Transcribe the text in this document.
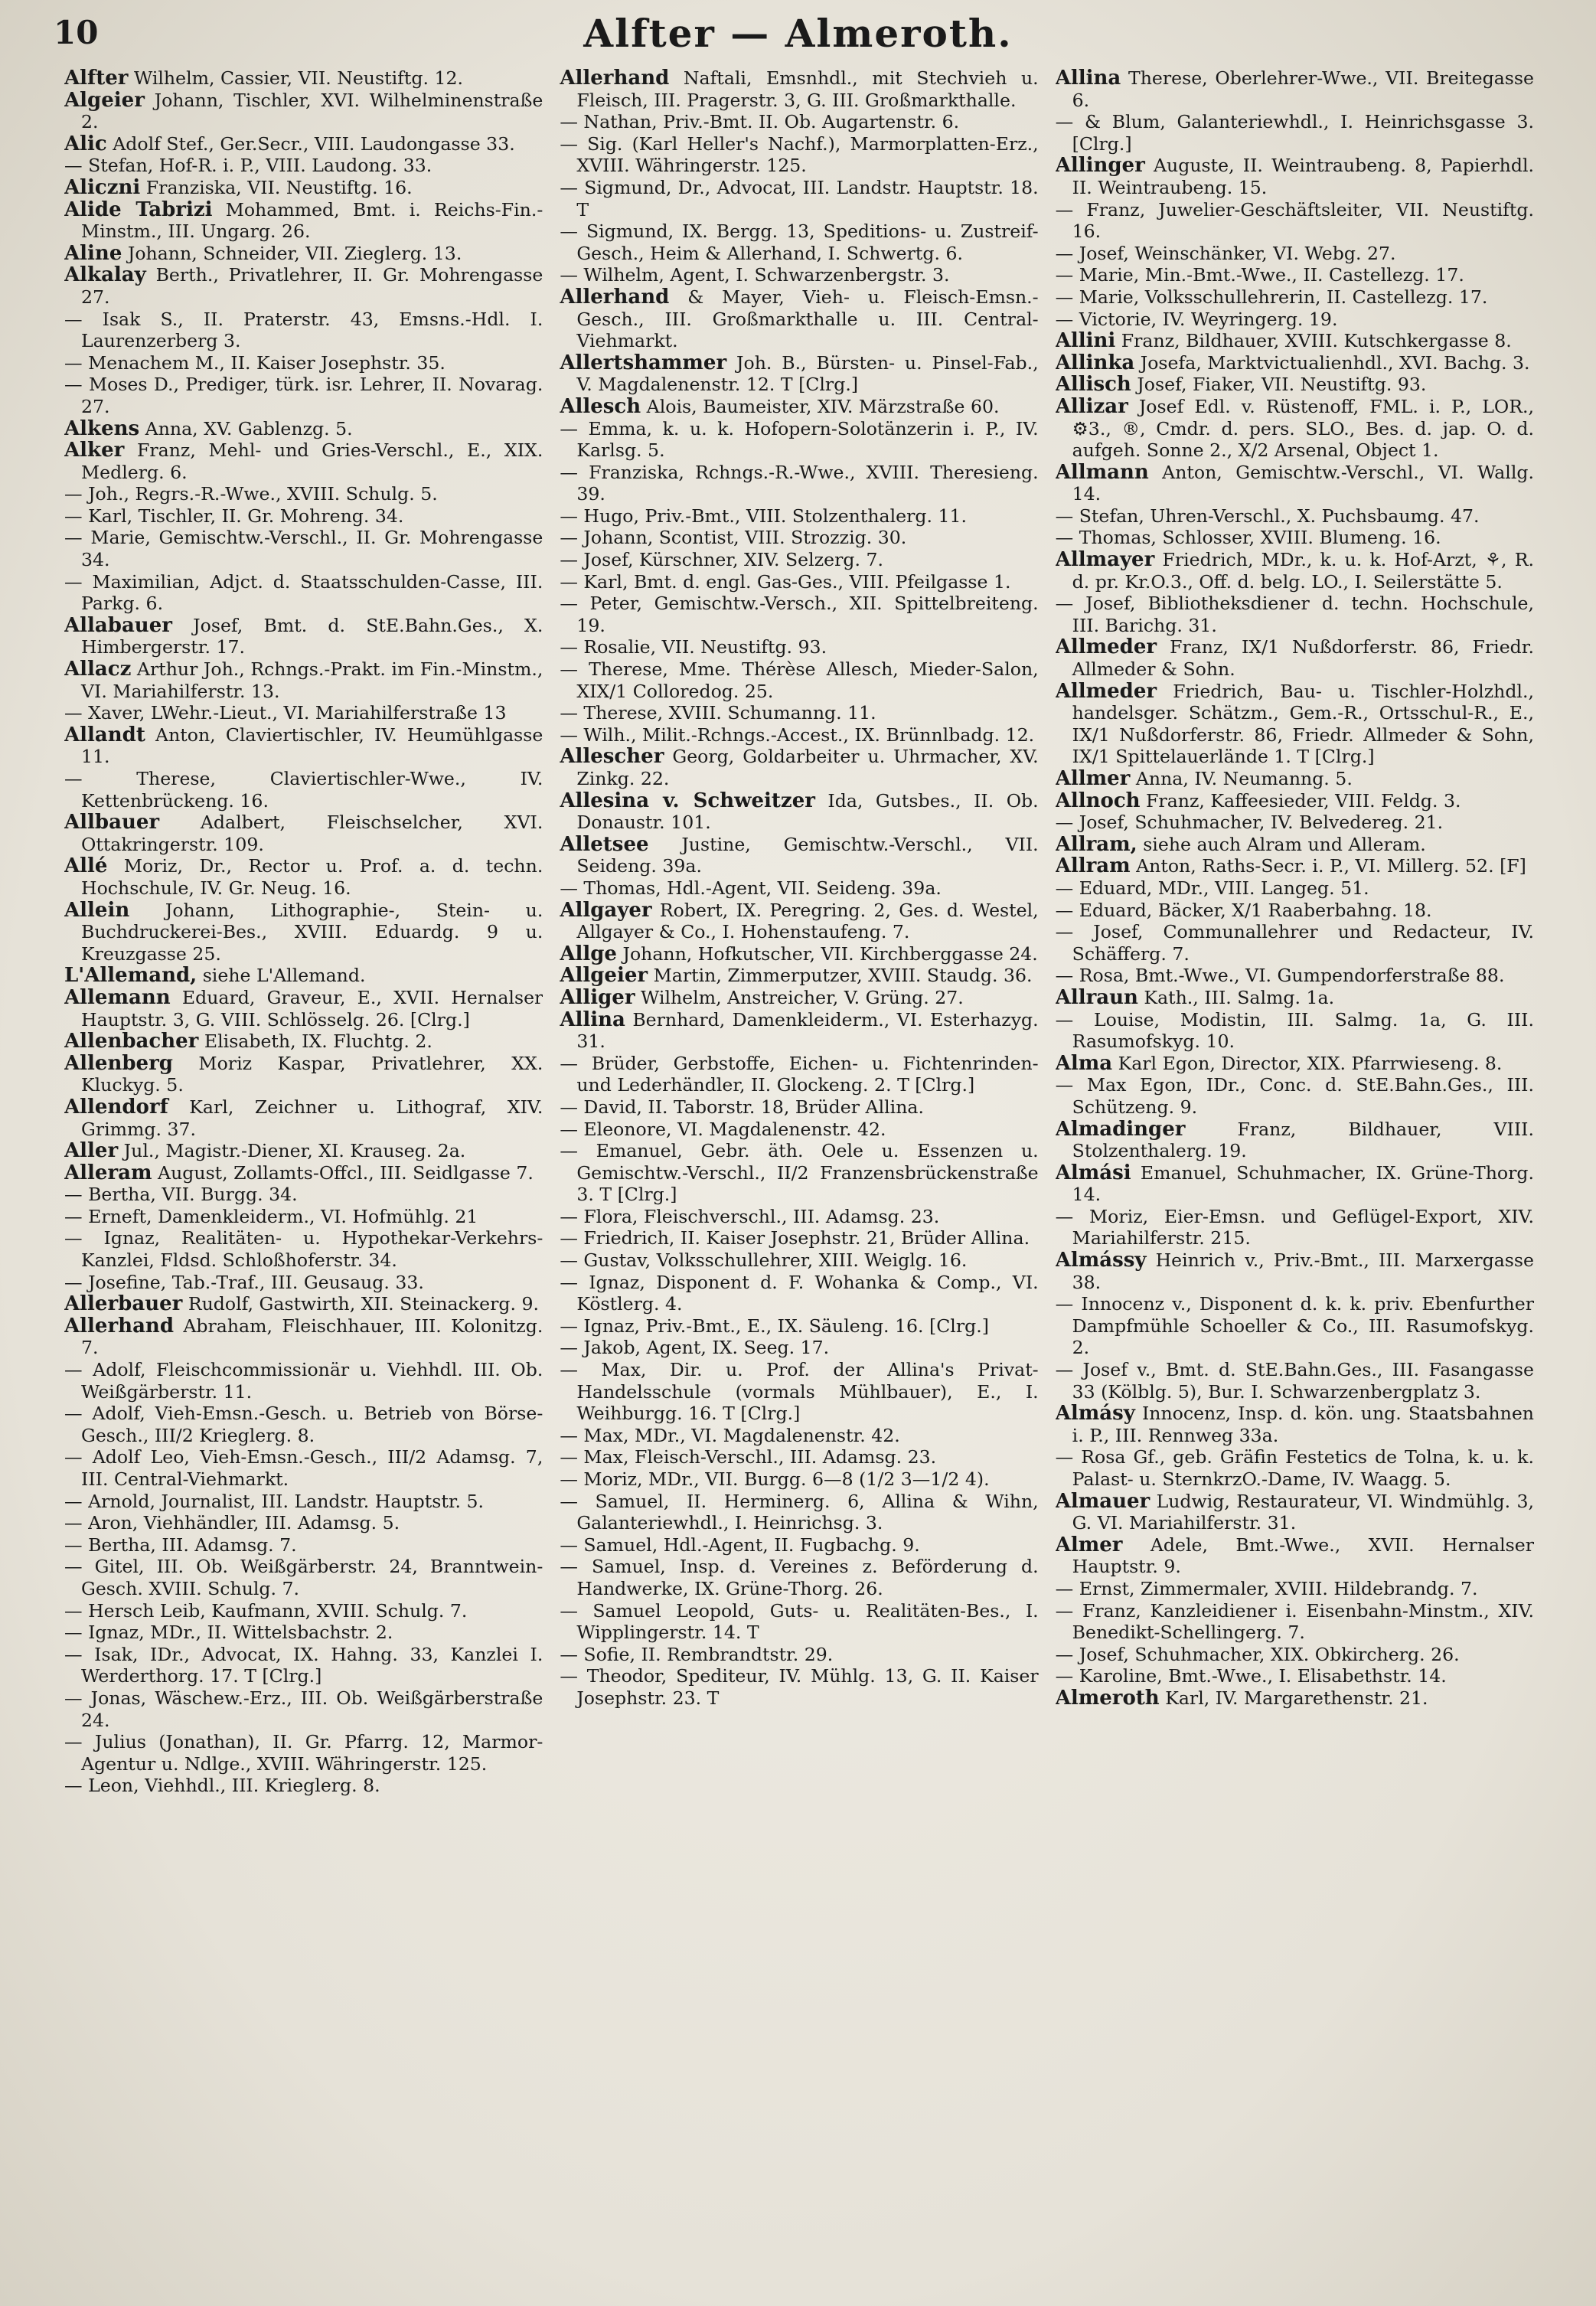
10	Alfter — Almeroth.

Alfter Wilhelm, Cassier, VII. Neustiftg. 12.

Algeier Johann, Tischler, XVI. Wilhelminenstraße 2.

Alic Adolf Stef., Ger.Secr., VIII. Laudongasse 33.

— Stefan, Hof-R. i. P., VIII. Laudong. 33.

Aliczni Franziska, VII. Neustiftg. 16.

Alide Tabrizi Mohammed, Bmt. i. Reichs-Fin.-Minstm., III. Ungarg. 26.

Aline Johann, Schneider, VII. Zieglerg. 13.

Alkalay Berth., Privatlehrer, II. Gr. Mohrengasse 27.

— Isak S., II. Praterstr. 43, Emsns.-Hdl. I. Laurenzerberg 3.

— Menachem M., II. Kaiser Josephstr. 35.

— Moses D., Prediger, türk. isr. Lehrer, II. Novarag. 27.

Alkens Anna, XV. Gablenzg. 5.

Alker Franz, Mehl- und Gries-Verschl., E., XIX. Medlerg. 6.

— Joh., Regrs.-R.-Wwe., XVIII. Schulg. 5.

— Karl, Tischler, II. Gr. Mohreng. 34.

— Marie, Gemischtw.-Verschl., II. Gr. Mohrengasse 34.

— Maximilian, Adjct. d. Staatsschulden-Casse, III. Parkg. 6.

Allabauer Josef, Bmt. d. StE.Bahn.Ges., X. Himbergerstr. 17.

Allacz Arthur Joh., Rchngs.-Prakt. im Fin.-Minstm., VI. Mariahilferstr. 13.

— Xaver, LWehr.-Lieut., VI. Mariahilferstraße 13

Allandt Anton, Claviertischler, IV. Heumühlgasse 11.

— Therese, Claviertischler-Wwe., IV. Kettenbrückeng. 16.

Allbauer Adalbert, Fleischselcher, XVI. Ottakringerstr. 109.

Allé Moriz, Dr., Rector u. Prof. a. d. techn. Hochschule, IV. Gr. Neug. 16.

Allein Johann, Lithographie-, Stein- u. Buchdruckerei-Bes., XVIII. Eduardg. 9 u. Kreuzgasse 25.

L'Allemand, siehe L'Allemand.

Allemann Eduard, Graveur, E., XVII. Hernalser Hauptstr. 3, G. VIII. Schlösselg. 26. [Clrg.]

Allenbacher Elisabeth, IX. Fluchtg. 2.

Allenberg Moriz Kaspar, Privatlehrer, XX. Kluckyg. 5.

Allendorf Karl, Zeichner u. Lithograf, XIV. Grimmg. 37.

Aller Jul., Magistr.-Diener, XI. Krauseg. 2a.

Alleram August, Zollamts-Offcl., III. Seidlgasse 7.

— Bertha, VII. Burgg. 34.

— Erneft, Damenkleiderm., VI. Hofmühlg. 21

— Ignaz, Realitäten- u. Hypothekar-Verkehrs-Kanzlei, Fldsd. Schloßhoferstr. 34.

— Josefine, Tab.-Traf., III. Geusaug. 33.

Allerbauer Rudolf, Gastwirth, XII. Steinackerg. 9.

Allerhand Abraham, Fleischhauer, III. Kolonitzg. 7.

— Adolf, Fleischcommissionär u. Viehhdl. III. Ob. Weißgärberstr. 11.

— Adolf, Vieh-Emsn.-Gesch. u. Betrieb von Börse-Gesch., III/2 Krieglerg. 8.

— Adolf Leo, Vieh-Emsn.-Gesch., III/2 Adamsg. 7, III. Central-Viehmarkt.

— Arnold, Journalist, III. Landstr. Hauptstr. 5.

— Aron, Viehhändler, III. Adamsg. 5.

— Bertha, III. Adamsg. 7.

— Gitel, III. Ob. Weißgärberstr. 24, Branntwein-Gesch. XVIII. Schulg. 7.

— Hersch Leib, Kaufmann, XVIII. Schulg. 7.

— Ignaz, MDr., II. Wittelsbachstr. 2.

— Isak, IDr., Advocat, IX. Hahng. 33, Kanzlei I. Werderthorg. 17. T [Clrg.]

— Jonas, Wäschew.-Erz., III. Ob. Weißgärberstraße 24.

— Julius (Jonathan), II. Gr. Pfarrg. 12, Marmor-Agentur u. Ndlge., XVIII. Währingerstr. 125.

— Leon, Viehhdl., III. Krieglerg. 8.

Allerhand Naftali, Emsnhdl., mit Stechvieh u. Fleisch, III. Pragerstr. 3, G. III. Großmarkthalle.

— Nathan, Priv.-Bmt. II. Ob. Augartenstr. 6.

— Sig. (Karl Heller's Nachf.), Marmorplatten-Erz., XVIII. Währingerstr. 125.

— Sigmund, Dr., Advocat, III. Landstr. Hauptstr. 18. T

— Sigmund, IX. Bergg. 13, Speditions- u. Zustreif-Gesch., Heim & Allerhand, I. Schwertg. 6.

— Wilhelm, Agent, I. Schwarzenbergstr. 3.

Allerhand & Mayer, Vieh- u. Fleisch-Emsn.-Gesch., III. Großmarkthalle u. III. Central-Viehmarkt.

Allertshammer Joh. B., Bürsten- u. Pinsel-Fab., V. Magdalenenstr. 12. T [Clrg.]

Allesch Alois, Baumeister, XIV. Märzstraße 60.

— Emma, k. u. k. Hofopern-Solotänzerin i. P., IV. Karlsg. 5.

— Franziska, Rchngs.-R.-Wwe., XVIII. Theresieng. 39.

— Hugo, Priv.-Bmt., VIII. Stolzenthalerg. 11.

— Johann, Scontist, VIII. Strozzig. 30.

— Josef, Kürschner, XIV. Selzerg. 7.

— Karl, Bmt. d. engl. Gas-Ges., VIII. Pfeilgasse 1.

— Peter, Gemischtw.-Versch., XII. Spittelbreiteng. 19.

— Rosalie, VII. Neustiftg. 93.

— Therese, Mme. Thérèse Allesch, Mieder-Salon, XIX/1 Colloredog. 25.

— Therese, XVIII. Schumanng. 11.

— Wilh., Milit.-Rchngs.-Accest., IX. Brünnlbadg. 12.

Allescher Georg, Goldarbeiter u. Uhrmacher, XV. Zinkg. 22.

Allesina v. Schweitzer Ida, Gutsbes., II. Ob. Donaustr. 101.

Alletsee Justine, Gemischtw.-Verschl., VII. Seideng. 39a.

— Thomas, Hdl.-Agent, VII. Seideng. 39a.

Allgayer Robert, IX. Peregring. 2, Ges. d. Westel, Allgayer & Co., I. Hohenstaufeng. 7.

Allge Johann, Hofkutscher, VII. Kirchberggasse 24.

Allgeier Martin, Zimmerputzer, XVIII. Staudg. 36.

Alliger Wilhelm, Anstreicher, V. Grüng. 27.

Allina Bernhard, Damenkleiderm., VI. Esterhazyg. 31.

— Brüder, Gerbstoffe, Eichen- u. Fichtenrinden- und Lederhändler, II. Glockeng. 2. T [Clrg.]

— David, II. Taborstr. 18, Brüder Allina.

— Eleonore, VI. Magdalenenstr. 42.

— Emanuel, Gebr. äth. Oele u. Essenzen u. Gemischtw.-Verschl., II/2 Franzensbrückenstraße 3. T [Clrg.]

— Flora, Fleischverschl., III. Adamsg. 23.

— Friedrich, II. Kaiser Josephstr. 21, Brüder Allina.

— Gustav, Volksschullehrer, XIII. Weiglg. 16.

— Ignaz, Disponent d. F. Wohanka & Comp., VI. Köstlerg. 4.

— Ignaz, Priv.-Bmt., E., IX. Säuleng. 16. [Clrg.]

— Jakob, Agent, IX. Seeg. 17.

— Max, Dir. u. Prof. der Allina's Privat-Handelsschule (vormals Mühlbauer), E., I. Weihburgg. 16. T [Clrg.]

— Max, MDr., VI. Magdalenenstr. 42.

— Max, Fleisch-Verschl., III. Adamsg. 23.

— Moriz, MDr., VII. Burgg. 6—8 (1/2 3—1/2 4).

— Samuel, II. Herminerg. 6, Allina & Wihn, Galanteriewhdl., I. Heinrichsg. 3.

— Samuel, Hdl.-Agent, II. Fugbachg. 9.

— Samuel, Insp. d. Vereines z. Beförderung d. Handwerke, IX. Grüne-Thorg. 26.

— Samuel Leopold, Guts- u. Realitäten-Bes., I. Wipplingerstr. 14. T

— Sofie, II. Rembrandtstr. 29.

— Theodor, Spediteur, IV. Mühlg. 13, G. II. Kaiser Josephstr. 23. T

Allina Therese, Oberlehrer-Wwe., VII. Breitegasse 6.

— & Blum, Galanteriewhdl., I. Heinrichsgasse 3. [Clrg.]

Allinger Auguste, II. Weintraubeng. 8, Papierhdl. II. Weintraubeng. 15.

— Franz, Juwelier-Geschäftsleiter, VII. Neustiftg. 16.

— Josef, Weinschänker, VI. Webg. 27.

— Marie, Min.-Bmt.-Wwe., II. Castellezg. 17.

— Marie, Volksschullehrerin, II. Castellezg. 17.

— Victorie, IV. Weyringerg. 19.

Allini Franz, Bildhauer, XVIII. Kutschkergasse 8.

Allinka Josefa, Marktvictualienhdl., XVI. Bachg. 3.

Allisch Josef, Fiaker, VII. Neustiftg. 93.

Allizar Josef Edl. v. Rüstenoff, FML. i. P., LOR., ⚙3., ®, Cmdr. d. pers. SLO., Bes. d. jap. O. d. aufgeh. Sonne 2., X/2 Arsenal, Object 1.

Allmann Anton, Gemischtw.-Verschl., VI. Wallg. 14.

— Stefan, Uhren-Verschl., X. Puchsbaumg. 47.

— Thomas, Schlosser, XVIII. Blumeng. 16.

Allmayer Friedrich, MDr., k. u. k. Hof-Arzt, ⚘, R. d. pr. Kr.O.3., Off. d. belg. LO., I. Seilerstätte 5.

— Josef, Bibliotheksdiener d. techn. Hochschule, III. Barichg. 31.

Allmeder Franz, IX/1 Nußdorferstr. 86, Friedr. Allmeder & Sohn.

Allmeder Friedrich, Bau- u. Tischler-Holzhdl., handelsger. Schätzm., Gem.-R., Ortsschul-R., E., IX/1 Nußdorferstr. 86, Friedr. Allmeder & Sohn, IX/1 Spittelauerlände 1. T [Clrg.]

Allmer Anna, IV. Neumanng. 5.

Allnoch Franz, Kaffeesieder, VIII. Feldg. 3.

— Josef, Schuhmacher, IV. Belvedereg. 21.

Allram, siehe auch Alram und Alleram.

Allram Anton, Raths-Secr. i. P., VI. Millerg. 52. [F]

— Eduard, MDr., VIII. Langeg. 51.

— Eduard, Bäcker, X/1 Raaberbahng. 18.

— Josef, Communallehrer und Redacteur, IV. Schäfferg. 7.

— Rosa, Bmt.-Wwe., VI. Gumpendorferstraße 88.

Allraun Kath., III. Salmg. 1a.

— Louise, Modistin, III. Salmg. 1a, G. III. Rasumofskyg. 10.

Alma Karl Egon, Director, XIX. Pfarrwieseng. 8.

— Max Egon, IDr., Conc. d. StE.Bahn.Ges., III. Schützeng. 9.

Almadinger Franz, Bildhauer, VIII. Stolzenthalerg. 19.

Almási Emanuel, Schuhmacher, IX. Grüne-Thorg. 14.

— Moriz, Eier-Emsn. und Geflügel-Export, XIV. Mariahilferstr. 215.

Almássy Heinrich v., Priv.-Bmt., III. Marxergasse 38.

— Innocenz v., Disponent d. k. k. priv. Ebenfurther Dampfmühle Schoeller & Co., III. Rasumofskyg. 2.

— Josef v., Bmt. d. StE.Bahn.Ges., III. Fasangasse 33 (Kölblg. 5), Bur. I. Schwarzenbergplatz 3.

Almásy Innocenz, Insp. d. kön. ung. Staatsbahnen i. P., III. Rennweg 33a.

— Rosa Gf., geb. Gräfin Festetics de Tolna, k. u. k. Palast- u. SternkrzO.-Dame, IV. Waagg. 5.

Almauer Ludwig, Restaurateur, VI. Windmühlg. 3, G. VI. Mariahilferstr. 31.

Almer Adele, Bmt.-Wwe., XVII. Hernalser Hauptstr. 9.

— Ernst, Zimmermaler, XVIII. Hildebrandg. 7.

— Franz, Kanzleidiener i. Eisenbahn-Minstm., XIV. Benedikt-Schellingerg. 7.

— Josef, Schuhmacher, XIX. Obkircherg. 26.

— Karoline, Bmt.-Wwe., I. Elisabethstr. 14.

Almeroth Karl, IV. Margarethenstr. 21.
